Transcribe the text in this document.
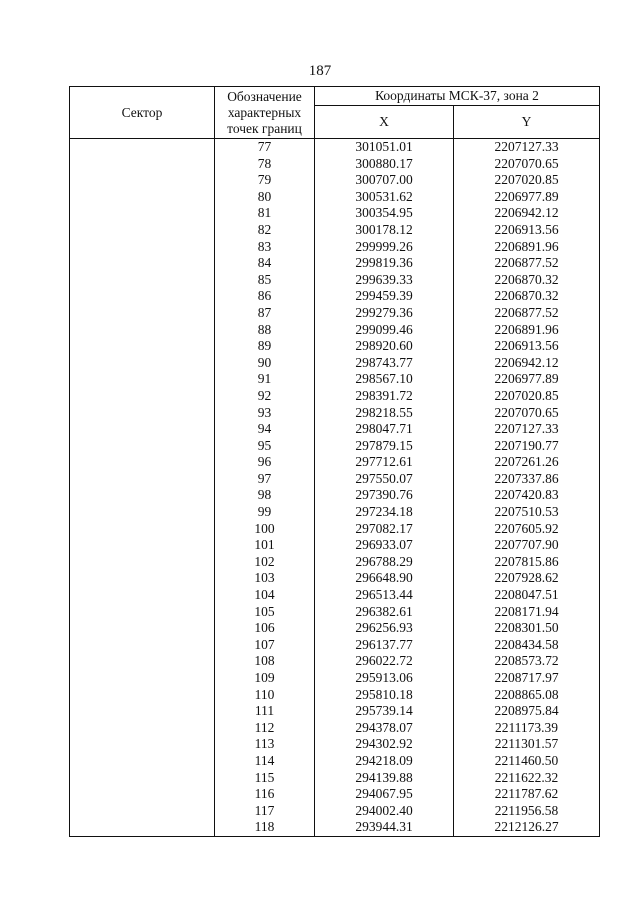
187
Сектор	Обозначение характерных точек границ	Координаты МСК-37, зона 2	
		X	Y
	77	301051.01	2207127.33
	78	300880.17	2207070.65
	79	300707.00	2207020.85
	80	300531.62	2206977.89
	81	300354.95	2206942.12
	82	300178.12	2206913.56
	83	299999.26	2206891.96
	84	299819.36	2206877.52
	85	299639.33	2206870.32
	86	299459.39	2206870.32
	87	299279.36	2206877.52
	88	299099.46	2206891.96
	89	298920.60	2206913.56
	90	298743.77	2206942.12
	91	298567.10	2206977.89
	92	298391.72	2207020.85
	93	298218.55	2207070.65
	94	298047.71	2207127.33
	95	297879.15	2207190.77
	96	297712.61	2207261.26
	97	297550.07	2207337.86
	98	297390.76	2207420.83
	99	297234.18	2207510.53
	100	297082.17	2207605.92
	101	296933.07	2207707.90
	102	296788.29	2207815.86
	103	296648.90	2207928.62
	104	296513.44	2208047.51
	105	296382.61	2208171.94
	106	296256.93	2208301.50
	107	296137.77	2208434.58
	108	296022.72	2208573.72
	109	295913.06	2208717.97
	110	295810.18	2208865.08
	111	295739.14	2208975.84
	112	294378.07	2211173.39
	113	294302.92	2211301.57
	114	294218.09	2211460.50
	115	294139.88	2211622.32
	116	294067.95	2211787.62
	117	294002.40	2211956.58
	118	293944.31	2212126.27
